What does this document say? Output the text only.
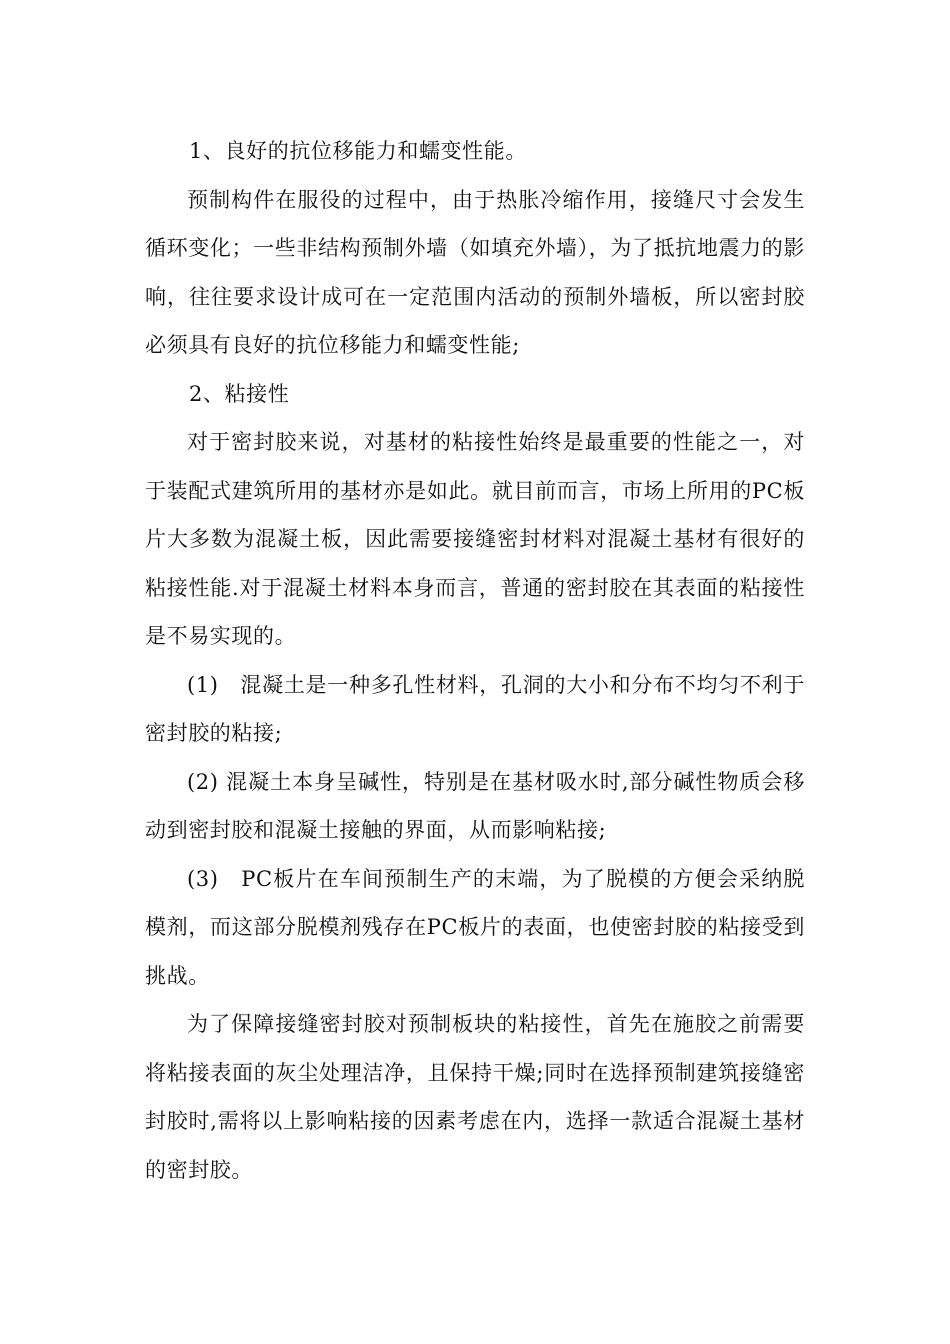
1、良好的抗位移能力和蠕变性能。

预制构件在服役的过程中，由于热胀冷缩作用，接缝尺寸会发生循环变化；一些非结构预制外墙（如填充外墙），为了抵抗地震力的影响，往往要求设计成可在一定范围内活动的预制外墙板，所以密封胶必须具有良好的抗位移能力和蠕变性能;

2、粘接性

对于密封胶来说，对基材的粘接性始终是最重要的性能之一，对于装配式建筑所用的基材亦是如此。就目前而言，市场上所用的PC板片大多数为混凝土板，因此需要接缝密封材料对混凝土基材有很好的粘接性能.对于混凝土材料本身而言，普通的密封胶在其表面的粘接性是不易实现的。

(1)　混凝土是一种多孔性材料，孔洞的大小和分布不均匀不利于密封胶的粘接;

(2) 混凝土本身呈碱性，特别是在基材吸水时,部分碱性物质会移动到密封胶和混凝土接触的界面，从而影响粘接;

(3)　PC板片在车间预制生产的末端，为了脱模的方便会采纳脱模剂，而这部分脱模剂残存在PC板片的表面，也使密封胶的粘接受到挑战。

为了保障接缝密封胶对预制板块的粘接性，首先在施胶之前需要将粘接表面的灰尘处理洁净，且保持干燥;同时在选择预制建筑接缝密封胶时,需将以上影响粘接的因素考虑在内，选择一款适合混凝土基材的密封胶。
